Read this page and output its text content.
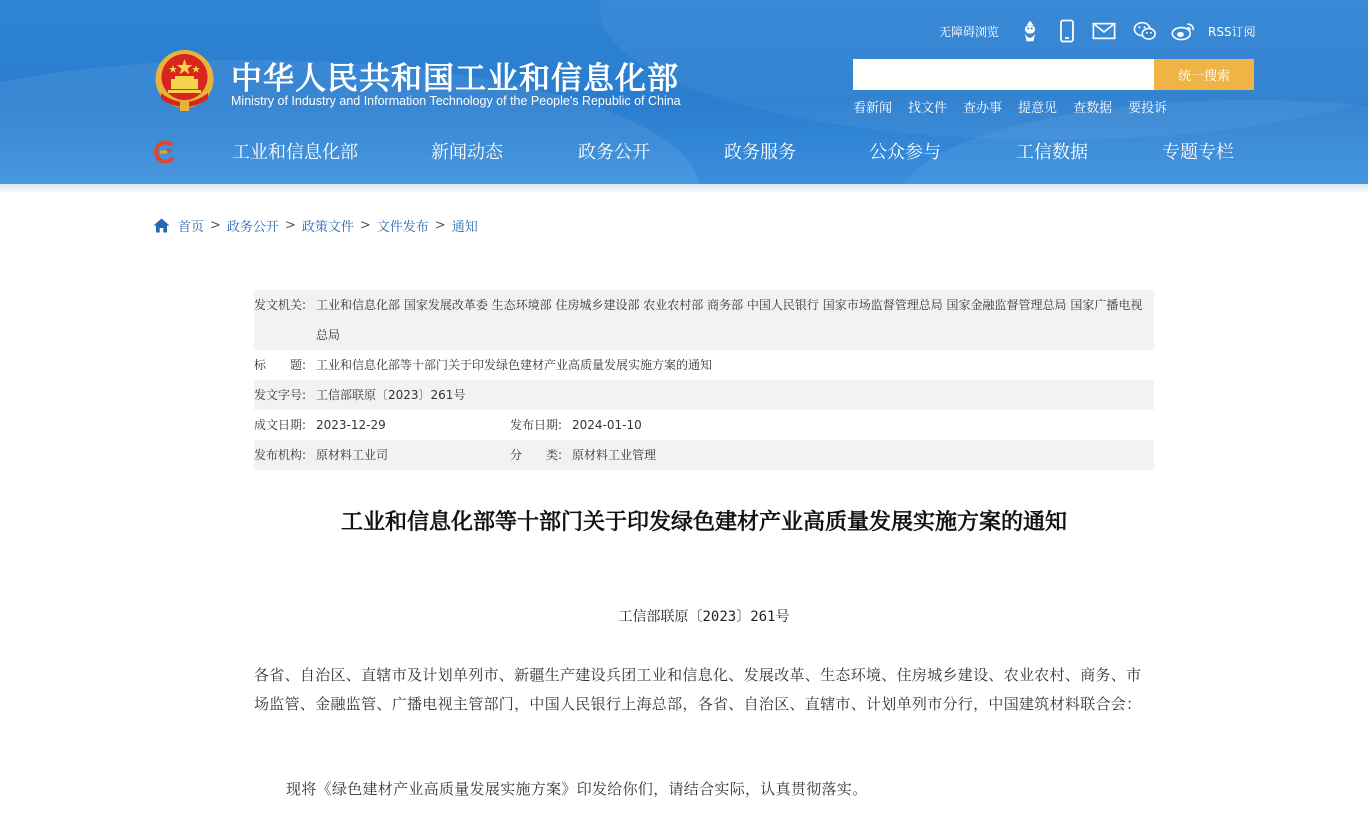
中华人民共和国工业和信息化部
Ministry of Industry and Information Technology of the People's Republic of China
无障碍浏览	RSS订阅
统一搜索
看新闻 找文件 查办事 提意见 查数据 要投诉
工业和信息化部	新闻动态	政务公开	政务服务	公众参与	工信数据	专题专栏
首页 > 政务公开 > 政策文件 > 文件发布 > 通知
发文机关: 工业和信息化部 国家发展改革委 生态环境部 住房城乡建设部 农业农村部 商务部 中国人民银行 国家市场监督管理总局 国家金融监督管理总局 国家广播电视总局
标　　题: 工业和信息化部等十部门关于印发绿色建材产业高质量发展实施方案的通知
发文字号: 工信部联原〔2023〕261号
成文日期: 2023-12-29	发布日期: 2024-01-10
发布机构: 原材料工业司	分　　类: 原材料工业管理
工业和信息化部等十部门关于印发绿色建材产业高质量发展实施方案的通知
工信部联原〔2023〕261号

各省、自治区、直辖市及计划单列市、新疆生产建设兵团工业和信息化、发展改革、生态环境、住房城乡建设、农业农村、商务、市场监管、金融监管、广播电视主管部门，中国人民银行上海总部，各省、自治区、直辖市、计划单列市分行，中国建筑材料联合会：

现将《绿色建材产业高质量发展实施方案》印发给你们，请结合实际，认真贯彻落实。
